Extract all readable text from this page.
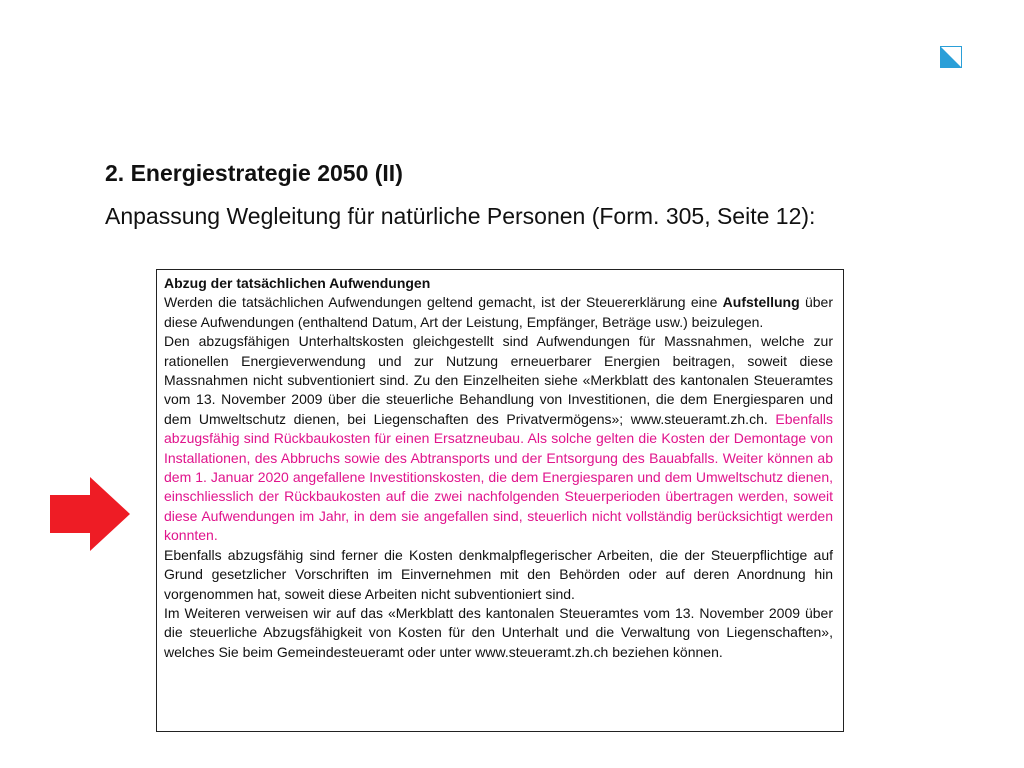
2. Energiestrategie 2050 (II)
Anpassung Wegleitung für natürliche Personen (Form. 305, Seite 12):

Abzug der tatsächlichen Aufwendungen

Werden die tatsächlichen Aufwendungen geltend gemacht, ist der Steuererklärung eine Aufstellung über diese Aufwendungen (enthaltend Datum, Art der Leistung, Empfänger, Beträge usw.) beizulegen.

Den abzugsfähigen Unterhaltskosten gleichgestellt sind Aufwendungen für Massnahmen, welche zur rationellen Energieverwendung und zur Nutzung erneuerbarer Energien beitragen, soweit diese Massnahmen nicht subventioniert sind. Zu den Einzelheiten siehe «Merkblatt des kantonalen Steueramtes vom 13. November 2009 über die steuerliche Behandlung von Investitionen, die dem Energiesparen und dem Umweltschutz dienen, bei Liegenschaften des Privatvermögens»; www.steueramt.zh.ch. Ebenfalls abzugsfähig sind Rückbaukosten für einen Ersatzneubau. Als solche gelten die Kosten der Demontage von Installationen, des Abbruchs sowie des Abtransports und der Entsorgung des Bauabfalls. Weiter können ab dem 1. Januar 2020 angefallene Investitionskosten, die dem Energiesparen und dem Umweltschutz dienen, einschliesslich der Rückbaukosten auf die zwei nachfolgenden Steuerperioden übertragen werden, soweit diese Aufwendungen im Jahr, in dem sie angefallen sind, steuerlich nicht vollständig berücksichtigt werden konnten.

Ebenfalls abzugsfähig sind ferner die Kosten denkmalpflegerischer Arbeiten, die der Steuerpflichtige auf Grund gesetzlicher Vorschriften im Einvernehmen mit den Behörden oder auf deren Anordnung hin vorgenommen hat, soweit diese Arbeiten nicht subventioniert sind.

Im Weiteren verweisen wir auf das «Merkblatt des kantonalen Steueramtes vom 13. November 2009 über die steuerliche Abzugsfähigkeit von Kosten für den Unterhalt und die Verwaltung von Liegenschaften», welches Sie beim Gemeindesteueramt oder unter www.steueramt.zh.ch beziehen können.
